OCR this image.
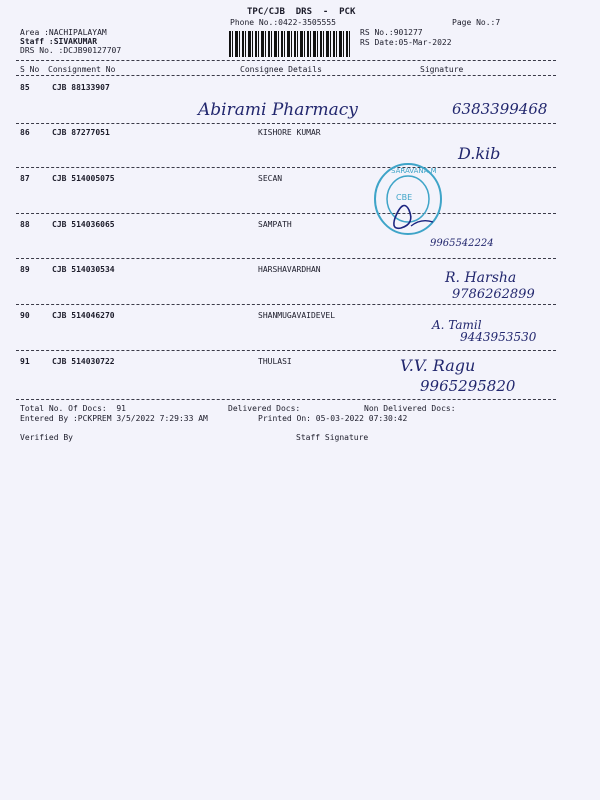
TPC/CJB  DRS  -  PCK
Phone No.:0422-3505555
Area :NACHIPALAYAM
Staff :SIVAKUMAR
DRS No. :DCJB90127707
RS No.:901277
RS Date:05-Mar-2022
Page No.:7
S No Consignment No	Consignee Details	Signature
85	CJB 88133907
Abirami Pharmacy	6383399468
86	CJB 87277051	KISHORE KUMAR
D.kib
87	CJB 514005075	SECAN
88	CJB 514036065	SAMPATH
9965542224
89	CJB 514030534	HARSHAVARDHAN
R. Harsha
9786262899
90	CJB 514046270	SHANMUGAVAIDEVEL
A. Tamil
9443953530
91	CJB 514030722	THULASI	V.V. Ragu
9965295820
Total No. Of Docs:  91	Delivered Docs:	Non Delivered Docs:
Entered By :PCKPREM 3/5/2022 7:29:33 AM	Printed On: 05-03-2022 07:30:42
Verified By	Staff Signature
SARAVANA M
CBE
